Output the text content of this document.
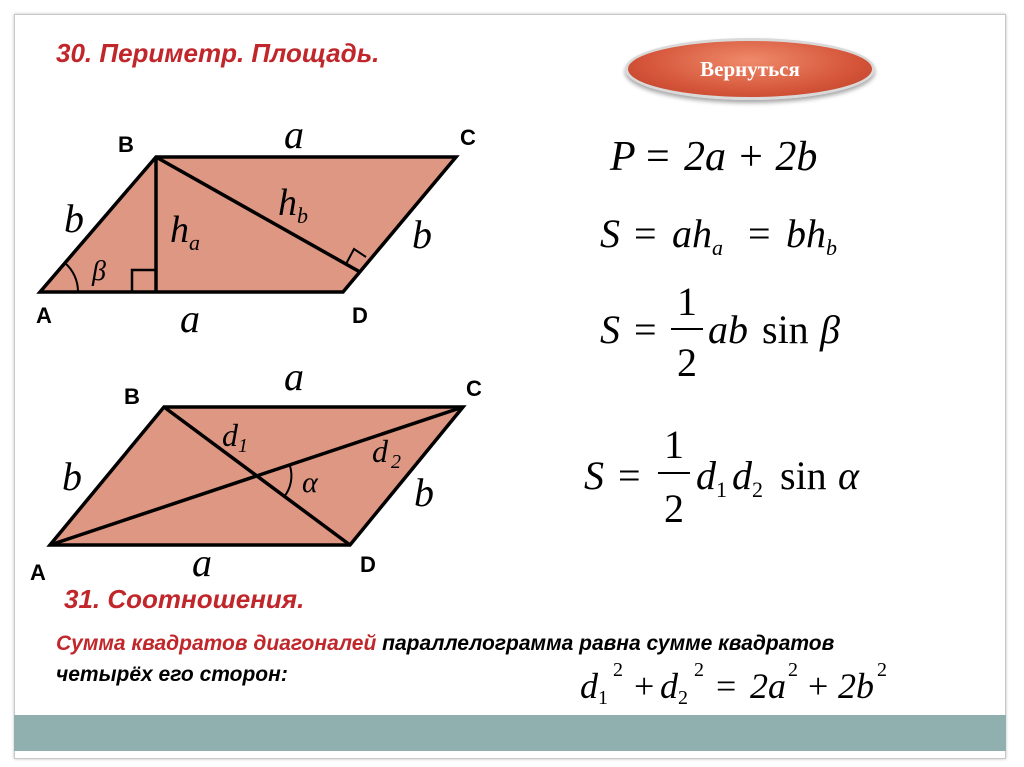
30. Периметр. Площадь.
Вернуться
B	C
A	D
a
a
b	b
$h_a$
$h_b$
β
B	C
A	D
a
a
b	b
d1	d 2
α
P = 2a + 2b
$S = ah_a = bh_b$
S =
1
2
ab sin β
S =
1
2
$d_1$ $d_2$ sin α
d1
2 + d2
2 = 2a 2 + 2b 2
31. Соотношения.
Сумма квадратов диагоналей параллелограмма равна сумме квадратов четырёх его сторон:
